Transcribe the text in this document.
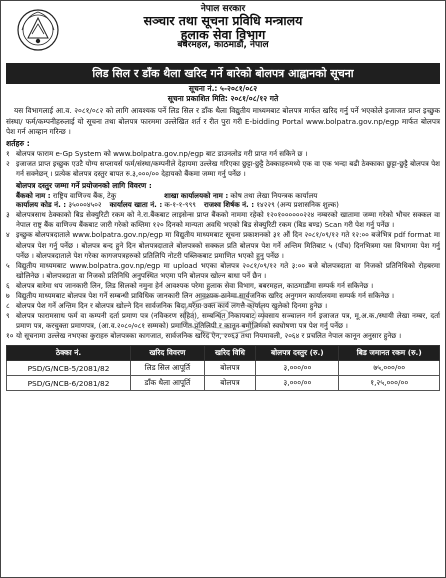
नेपाल सरकार
सञ्चार तथा सूचना प्रविधि मन्त्रालय
हुलाक सेवा विभाग
बबरमहल, काठमाडौं, नेपाल
लिड सिल र डाँक थैला खरिद गर्ने बारेको बोलपत्र आह्वानको सूचना
सूचना नं.: ५-२०८१/०८२
सूचना प्रकाशित मिति: २०८१/०८/१२ गते

यस विभागलाई आ.व. २०८१/०८२ को लागि आवश्यक पर्ने लिड सिल र डाँक थैला विद्युतीय माध्यमबाट बोलपत्र मार्फत खरिद गर्नु पर्ने भएकोले इजाजत प्राप्त इच्छुक संस्था/ फर्म/कम्पनीहरुलाई यो सूचना तथा बोलपत्र फारममा उल्लेखित शर्त र रीत पुरा गरी E-bidding Portal www.bolpatra.gov.np/egp मार्फत बोलपत्र पेश गर्न आव्हान गरिन्छ ।

शर्तहरु :
१ बोलपत्र फाराम e-Gp System को www.bolpatra.gov.np/egp बाट डाउनलोड गरी प्राप्त गर्न सकिने छ ।
२ इजाजत प्राप्त इच्छुक एउटै योग्य सप्लायर्स फर्म/संस्था/कम्पनीले देहायमा उल्लेख गरिएका छुट्टा-छुट्टै ठेक्काहरुमध्ये एक वा एक भन्दा बढी ठेक्काका छुट्टा-छुट्टै बोलपत्र पेश गर्न सक्नेछन् । प्रत्येक बोलपत्र दस्तुर बापत रु.३,०००/०० देहायको बैंकमा जम्मा गर्नु पर्नेछ ।
बोलपत्र दस्तुर जम्मा गर्ने प्रयोजनको लागि विवरण :
बैंकको नाम : राष्ट्रिय वाणिज्य बैंक, टेकु	शाखा कार्यालयको नाम : कोष तथा लेखा नियन्त्रक कार्यालय
कार्यालय कोड नं. : ३५०००४५०२ कार्यालय खाता नं. : क-१-१-९९९ राजश्व शिर्षक नं. : १४२२९ (अन्य प्रशासनिक शुल्क)
३ बोलपत्रसाथ ठेक्काको बिड सेक्युरिटी रकम को ने.रा.बैंकबाट लाइसेन्स प्राप्त बैंकको नाममा रहेको १२०१००००००२२४ नम्बरको खातामा जम्मा गरेको भौचर सक्कल वा नेपाल राष्ट्र बैंक वाणिज्य बैंकबाट जारी गरेको कम्तिमा १२० दिनको मान्यता अवधि भएको बिड सेक्युरिटी रकम (बिड बण्ड) Scan गरी पेश गर्नु पर्नेछ ।
४ इच्छुक बोलपत्रदाताले www.bolpatra.gov.np/egp मा विद्युतीय माध्यमबाट सूचना प्रकाशनको ३१ औं दिन २०८१/०९/१२ गते १२:०० बजेभित्र pdf format मा बोलपत्र पेश गर्नु पर्नेछ । बोलपत्र बन्द हुने दिन बोलपत्रदाताले बोलपत्रको सक्कल प्रति बोलपत्र पेश गर्ने अन्तिम मितिबाट ५ (पाँच) दिनभित्रमा यस विभागमा पेश गर्नु पर्नेछ । बोलपत्रदाताले पेश गरेका कागजपत्रहरुको प्रतिलिपि नोटरी पब्लिकबाट प्रमाणित भएको हुनु पर्नेछ ।
५ विद्युतीय माध्यमबाट www.bolpatra.gov.np/egp मा upload भएका बोलपत्र २०८१/०९/१२ गते ३:०० बजे बोलपत्रदाता वा निजको प्रतिनिधिको रोहबरमा खोलिनेछ । बोलपत्रदाता वा निजको प्रतिनिधि अनुपस्थित भएमा पनि बोलपत्र खोल्न बाधा पर्ने छैन ।
६ बोलपत्र बारेमा थप जानकारी लिन, लिड सिलको नमुना हेर्न आवश्यक परेमा हुलाक सेवा विभाग, बबरमहल, काठमाडौंमा सम्पर्क गर्न सकिनेछ ।
७ विद्युतीय माध्यमबाट बोलपत्र पेश गर्ने सम्बन्धी प्राविधिक जानकारी लिन आवश्यक ठानेमा सार्वजनिक खरिद अनुगमन कार्यालयमा सम्पर्क गर्न सकिनेछ ।
८ बोलपत्र पेश गर्ने अन्तिम दिन र बोलपत्र खोल्ने दिन सार्वजनिक बिदा परेमा उक्त कार्य लगत्तै कार्यालय खुलेको दिनमा हुनेछ ।
९ बोलपत्र फारामसाथ फर्म वा कम्पनी दर्ता प्रमाण पत्र (नविकरण सहित), सम्बन्धित निकायबाट व्यवसाय सञ्चालन गर्न इजाजत पत्र, मू.अ.क./स्थायी लेखा नम्बर, दर्ता प्रमाण पत्र, करचुक्ता प्रमाणपत्र, (आ.व.२०८०/०८१ सम्मको) प्रमाणित प्रतिलिपी र कानून बमोजिमको स्वघोषणा पत्र पेश गर्नु पर्नेछ ।
१० यो सूचनामा उल्लेख नभएका कुराहरु बोलपत्रका कागजात, सार्वजनिक खरिद ऐन, २०६३ तथा नियमावली, २०६४ र प्रचलित नेपाल कानून अनुसार हुनेछ ।
ठेक्का नं.	खरिद विवरण	खरिद विधि	बोलपत्र दस्तुर (रु.)	बिड जमानत रकम (रु.)
PSD/G/NCB-5/2081/82	लिड सिल आपूर्ति	बोलपत्र	३,०००/००	७५,०००/००
PSD/G/NCB-6/2081/82	डाँक थैला आपूर्ति	बोलपत्र	३,०००/००	१,२५,०००/००
